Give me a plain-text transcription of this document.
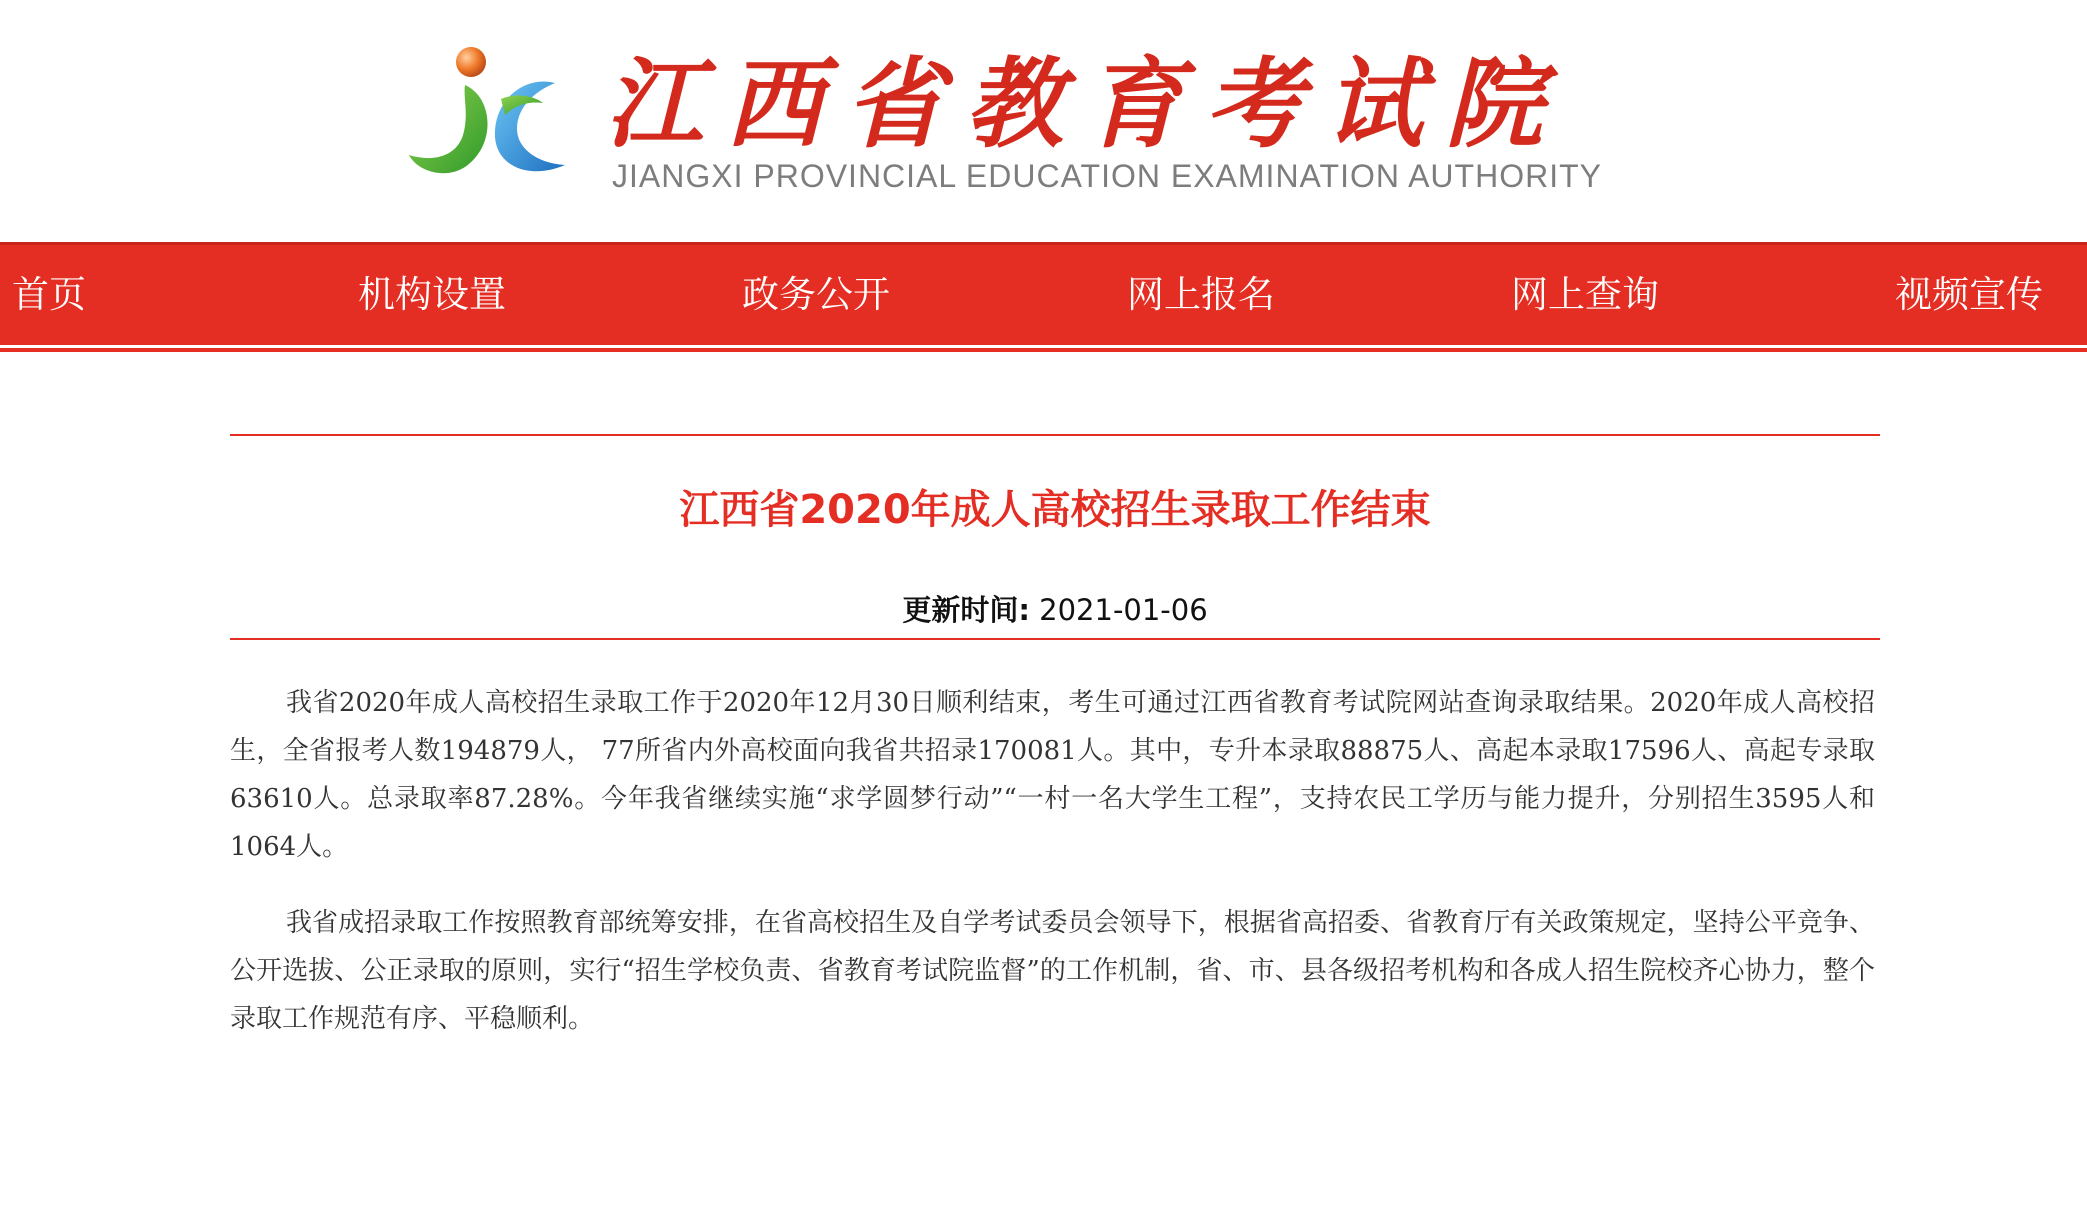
江西省教育考试院
JIANGXI PROVINCIAL EDUCATION EXAMINATION AUTHORITY
首页	机构设置	政务公开	网上报名	网上查询	视频宣传
江西省2020年成人高校招生录取工作结束
更新时间: 2021-01-06

我省2020年成人高校招生录取工作于2020年12月30日顺利结束，考生可通过江西省教育考试院网站查询录取结果。2020年成人高校招生，全省报考人数194879人， 77所省内外高校面向我省共招录170081人。其中，专升本录取88875人、高起本录取17596人、高起专录取63610人。总录取率87.28%。今年我省继续实施“求学圆梦行动”“一村一名大学生工程”，支持农民工学历与能力提升，分别招生3595人和1064人。

我省成招录取工作按照教育部统筹安排，在省高校招生及自学考试委员会领导下，根据省高招委、省教育厅有关政策规定，坚持公平竞争、公开选拔、公正录取的原则，实行“招生学校负责、省教育考试院监督”的工作机制，省、市、县各级招考机构和各成人招生院校齐心协力，整个录取工作规范有序、平稳顺利。
